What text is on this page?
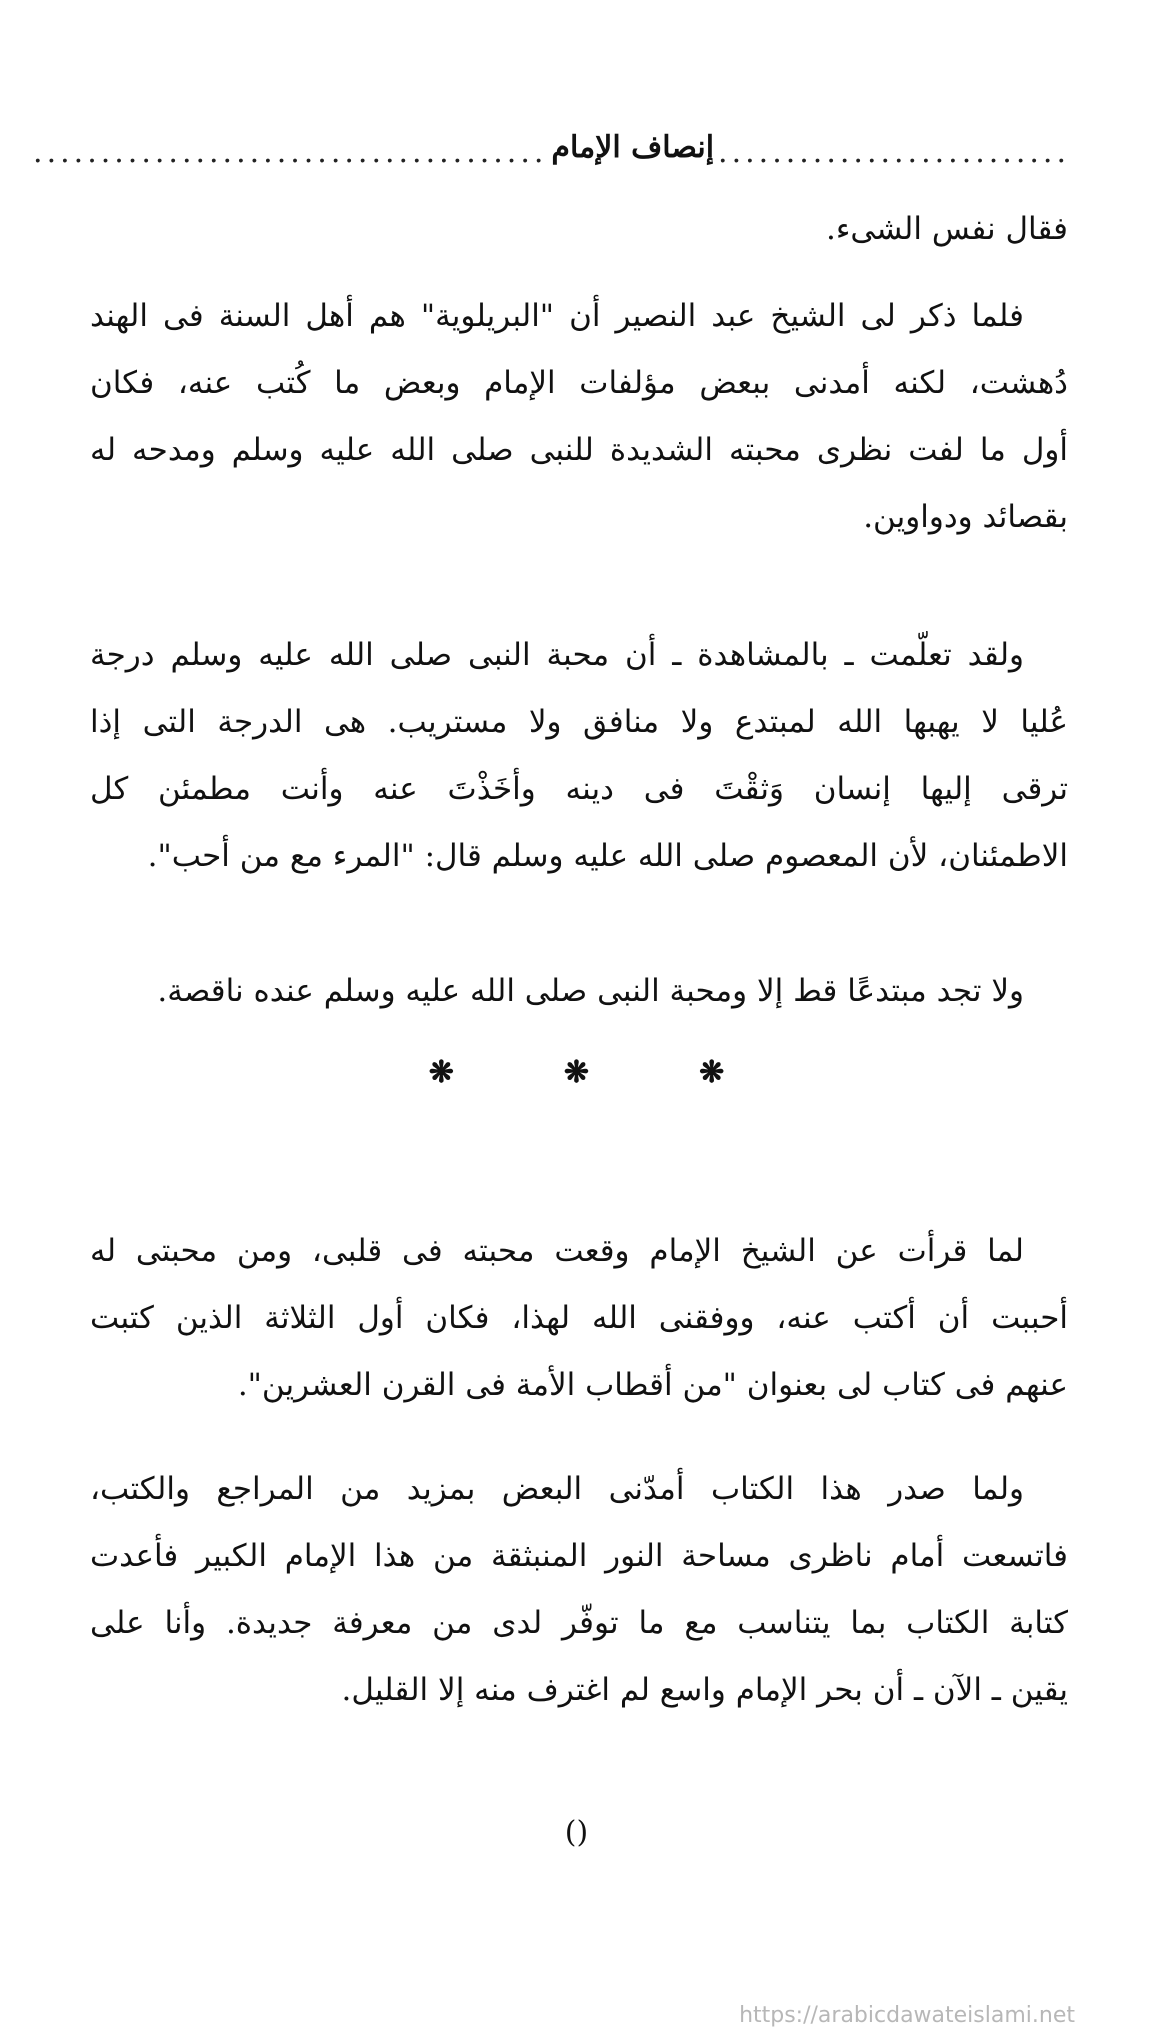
..........................
إنصاف الإمام
......................................
فقال نفس الشىء.
فلما ذكر لى الشيخ عبد النصير أن "البريلوية" هم أهل السنة فى الهند
دُهشت، لكنه أمدنى ببعض مؤلفات الإمام وبعض ما كُتب عنه، فكان
أول ما لفت نظرى محبته الشديدة للنبى صلى الله عليه وسلم ومدحه له
بقصائد ودواوين.
ولقد تعلّمت ـ بالمشاهدة ـ أن محبة النبى صلى الله عليه وسلم درجة
عُليا لا يهبها الله لمبتدع ولا منافق ولا مستريب. هى الدرجة التى إذا
ترقى إليها إنسان وَثقْتَ فى دينه وأخَذْتَ عنه وأنت مطمئن كل
الاطمئنان، لأن المعصوم صلى الله عليه وسلم قال: "المرء مع من أحب".
ولا تجد مبتدعًا قط إلا ومحبة النبى صلى الله عليه وسلم عنده ناقصة.
❋	❋	❋
لما قرأت عن الشيخ الإمام وقعت محبته فى قلبى، ومن محبتى له
أحببت أن أكتب عنه، ووفقنى الله لهذا، فكان أول الثلاثة الذين كتبت
عنهم فى كتاب لى بعنوان "من أقطاب الأمة فى القرن العشرين".
ولما صدر هذا الكتاب أمدّنى البعض بمزيد من المراجع والكتب،
فاتسعت أمام ناظرى مساحة النور المنبثقة من هذا الإمام الكبير فأعدت
كتابة الكتاب بما يتناسب مع ما توفّر لدى من معرفة جديدة. وأنا على
يقين ـ الآن ـ أن بحر الإمام واسع لم اغترف منه إلا القليل.
()
https://arabicdawateislami.net
